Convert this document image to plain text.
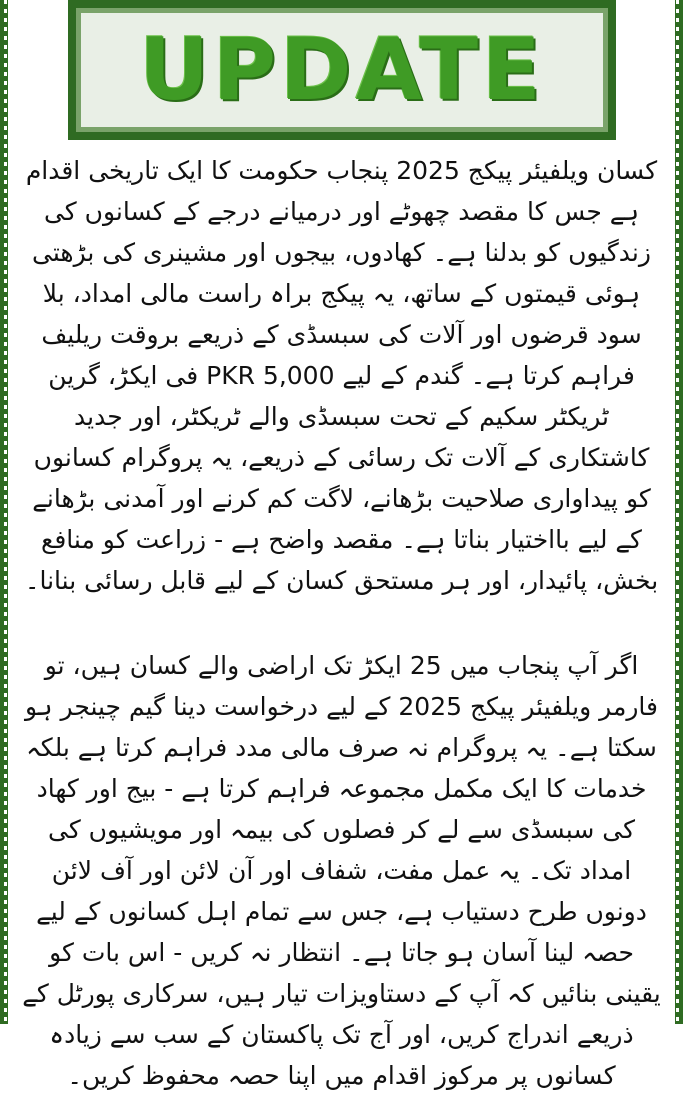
UPDATE

کسان ویلفیئر پیکج 2025 پنجاب حکومت کا ایک تاریخی اقدام ہے جس کا مقصد چھوٹے اور درمیانے درجے کے کسانوں کی زندگیوں کو بدلنا ہے۔ کھادوں، بیجوں اور مشینری کی بڑھتی ہوئی قیمتوں کے ساتھ، یہ پیکج براہ راست مالی امداد، بلا سود قرضوں اور آلات کی سبسڈی کے ذریعے بروقت ریلیف فراہم کرتا ہے۔ گندم کے لیے PKR 5,000 فی ایکڑ، گرین ٹریکٹر سکیم کے تحت سبسڈی والے ٹریکٹر، اور جدید کاشتکاری کے آلات تک رسائی کے ذریعے، یہ پروگرام کسانوں کو پیداواری صلاحیت بڑھانے، لاگت کم کرنے اور آمدنی بڑھانے کے لیے بااختیار بناتا ہے۔ مقصد واضح ہے - زراعت کو منافع بخش، پائیدار، اور ہر مستحق کسان کے لیے قابل رسائی بنانا۔

اگر آپ پنجاب میں 25 ایکڑ تک اراضی والے کسان ہیں، تو فارمر ویلفیئر پیکج 2025 کے لیے درخواست دینا گیم چینجر ہو سکتا ہے۔ یہ پروگرام نہ صرف مالی مدد فراہم کرتا ہے بلکہ خدمات کا ایک مکمل مجموعہ فراہم کرتا ہے - بیج اور کھاد کی سبسڈی سے لے کر فصلوں کی بیمہ اور مویشیوں کی امداد تک۔ یہ عمل مفت، شفاف اور آن لائن اور آف لائن دونوں طرح دستیاب ہے، جس سے تمام اہل کسانوں کے لیے حصہ لینا آسان ہو جاتا ہے۔ انتظار نہ کریں - اس بات کو یقینی بنائیں کہ آپ کے دستاویزات تیار ہیں، سرکاری پورٹل کے ذریعے اندراج کریں، اور آج تک پاکستان کے سب سے زیادہ کسانوں پر مرکوز اقدام میں اپنا حصہ محفوظ کریں۔
